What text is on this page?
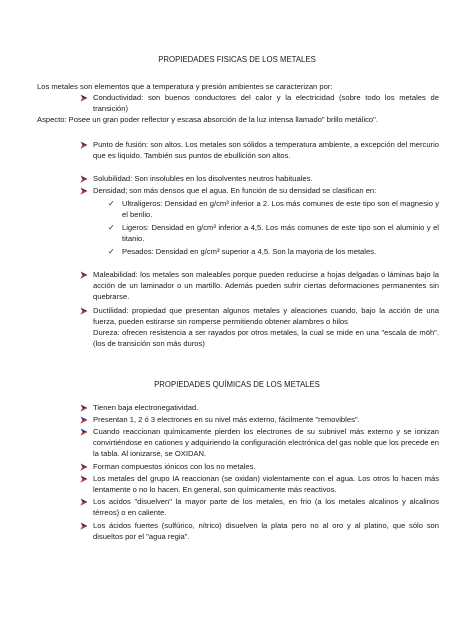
PROPIEDADES FISICAS DE LOS METALES
Los metales son elementos que a temperatura y presión ambientes se caracterizan por:
Conductividad: son buenos conductores del calor y la electricidad (sobre todo los metales de transición)
Aspecto: Posee un gran poder reflector y escasa absorción de la luz intensa llamado" brillo metálico".
Punto de fusión: son altos. Los metales son sólidos a temperatura ambiente, a excepción del mercurio que es liquido. También sus puntos de ebullición son altos.
Solubilidad: Son insolubles en los disolventes neutros habituales.
Densidad; son más densos que el agua. En función de su densidad se clasifican en:
✓ Ultraligeros: Densidad en g/cm³ inferior a 2. Los más comunes de este tipo son el magnesio y el berilio.
✓ Ligeros: Densidad en g/cm³ inferior a 4,5. Los más comunes de este tipo son el aluminio y el titanio.
✓ Pesados: Densidad en g/cm³ superior a 4,5. Son la mayoria de los metales.
Maleabilidad: los metales son maleables porque pueden reducirse a hojas delgadas o láminas bajo la acción de un laminador o un martillo. Además pueden sufrir ciertas deformaciones permanentes sin quebrarse.
Ductilidad: propiedad que presentan algunos metales y aleaciones cuando, bajo la acción de una fuerza, pueden estirarse sin romperse permitiendo obtener alambres o hilos
Dureza: ofrecen resistencia a ser rayados por otros metales, la cual se mide en una "escala de möh".(los de transición son más duros)
PROPIEDADES QUÍMICAS DE LOS METALES
Tienen baja electronegatividad.
Presentan 1, 2 ó 3 electrones en su nivel más externo, fácilmente "removibles".
Cuando reaccionan químicamente pierden los electrones de su subnivel más externo y se ionizan convirtiéndose en cationes y adquiriendo la configuración electrónica del gas noble que los precede en la tabla. Al ionizarse, se OXIDAN.
Forman compuestos iónicos con los no metales.
Los metales del grupo IA reaccionan (se oxidan) violentamente con el agua. Los otros lo hacen más lentamente o no lo hacen. En general, son químicamente más reactivos.
Los acidos "disuelven" la mayor parte de los metales, en frio (a los metales alcalinos y alcalinos térreos) o en caliente.
Los ácidos fuertes (sulfúrico, nítrico) disuelven la plata pero no al oro y al platino, que sólo son disueltos por el "agua regia".
